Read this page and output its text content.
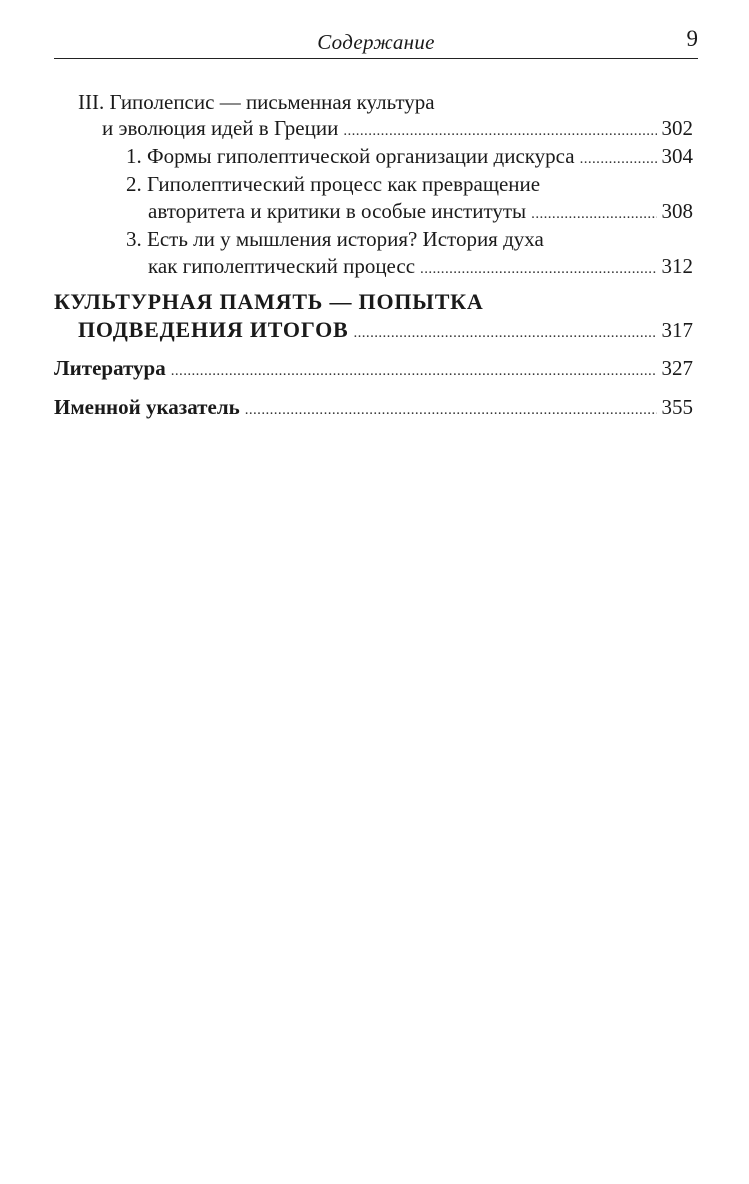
Содержание	9
III. Гиполепсис — письменная культура
и эволюция идей в Греции .....	302
1. Формы гиполептической организации дискурса .....	304
2. Гиполептический процесс как превращение
авторитета и критики в особые институты .....	308
3. Есть ли у мышления история? История духа
как гиполептический процесс .....	312
КУЛЬТУРНАЯ ПАМЯТЬ — ПОПЫТКА
ПОДВЕДЕНИЯ ИТОГОВ .....	317
Литература .....	327
Именной указатель .....	355
